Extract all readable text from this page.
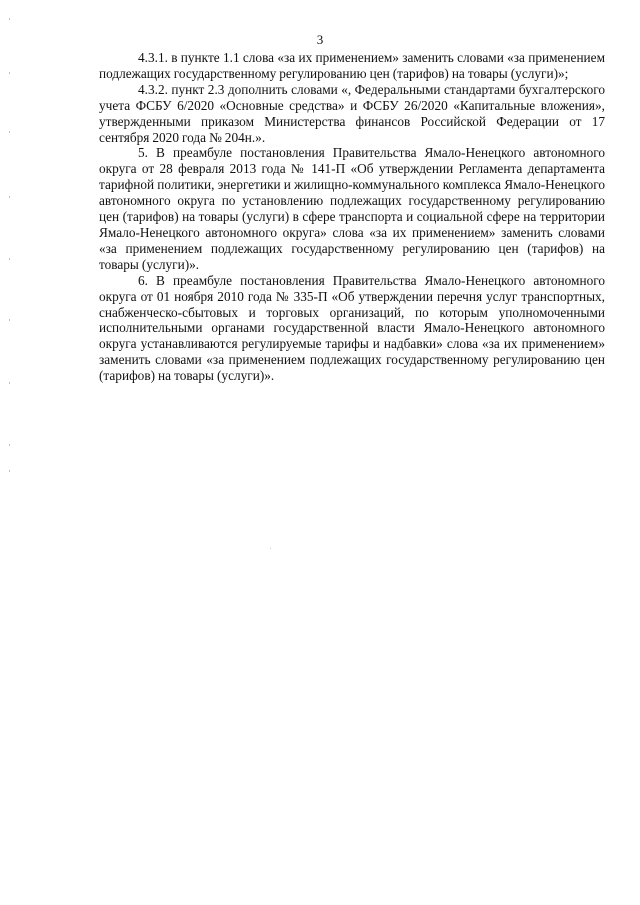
3

4.3.1. в пункте 1.1 слова «за их применением» заменить словами «за применением подлежащих государственному регулированию цен (тарифов) на товары (услуги)»;

4.3.2. пункт 2.3 дополнить словами «, Федеральными стандартами бухгалтерского учета ФСБУ 6/2020 «Основные средства» и ФСБУ 26/2020 «Капитальные вложения», утвержденными приказом Министерства финансов Российской Федерации от 17 сентября 2020 года № 204н.».

5. В преамбуле постановления Правительства Ямало-Ненецкого автономного округа от 28 февраля 2013 года № 141-П «Об утверждении Регламента департамента тарифной политики, энергетики и жилищно-коммунального комплекса Ямало-Ненецкого автономного округа по установлению подлежащих государственному регулированию цен (тарифов) на товары (услуги) в сфере транспорта и социальной сфере на территории Ямало-Ненецкого автономного округа» слова «за их применением» заменить словами «за применением подлежащих государственному регулированию цен (тарифов) на товары (услуги)».

6. В преамбуле постановления Правительства Ямало-Ненецкого автономного округа от 01 ноября 2010 года № 335-П «Об утверждении перечня услуг транспортных, снабженческо-сбытовых и торговых организаций, по которым уполномоченными исполнительными органами государственной власти Ямало-Ненецкого автономного округа устанавливаются регулируемые тарифы и надбавки» слова «за их применением» заменить словами «за применением подлежащих государственному регулированию цен (тарифов) на товары (услуги)».
